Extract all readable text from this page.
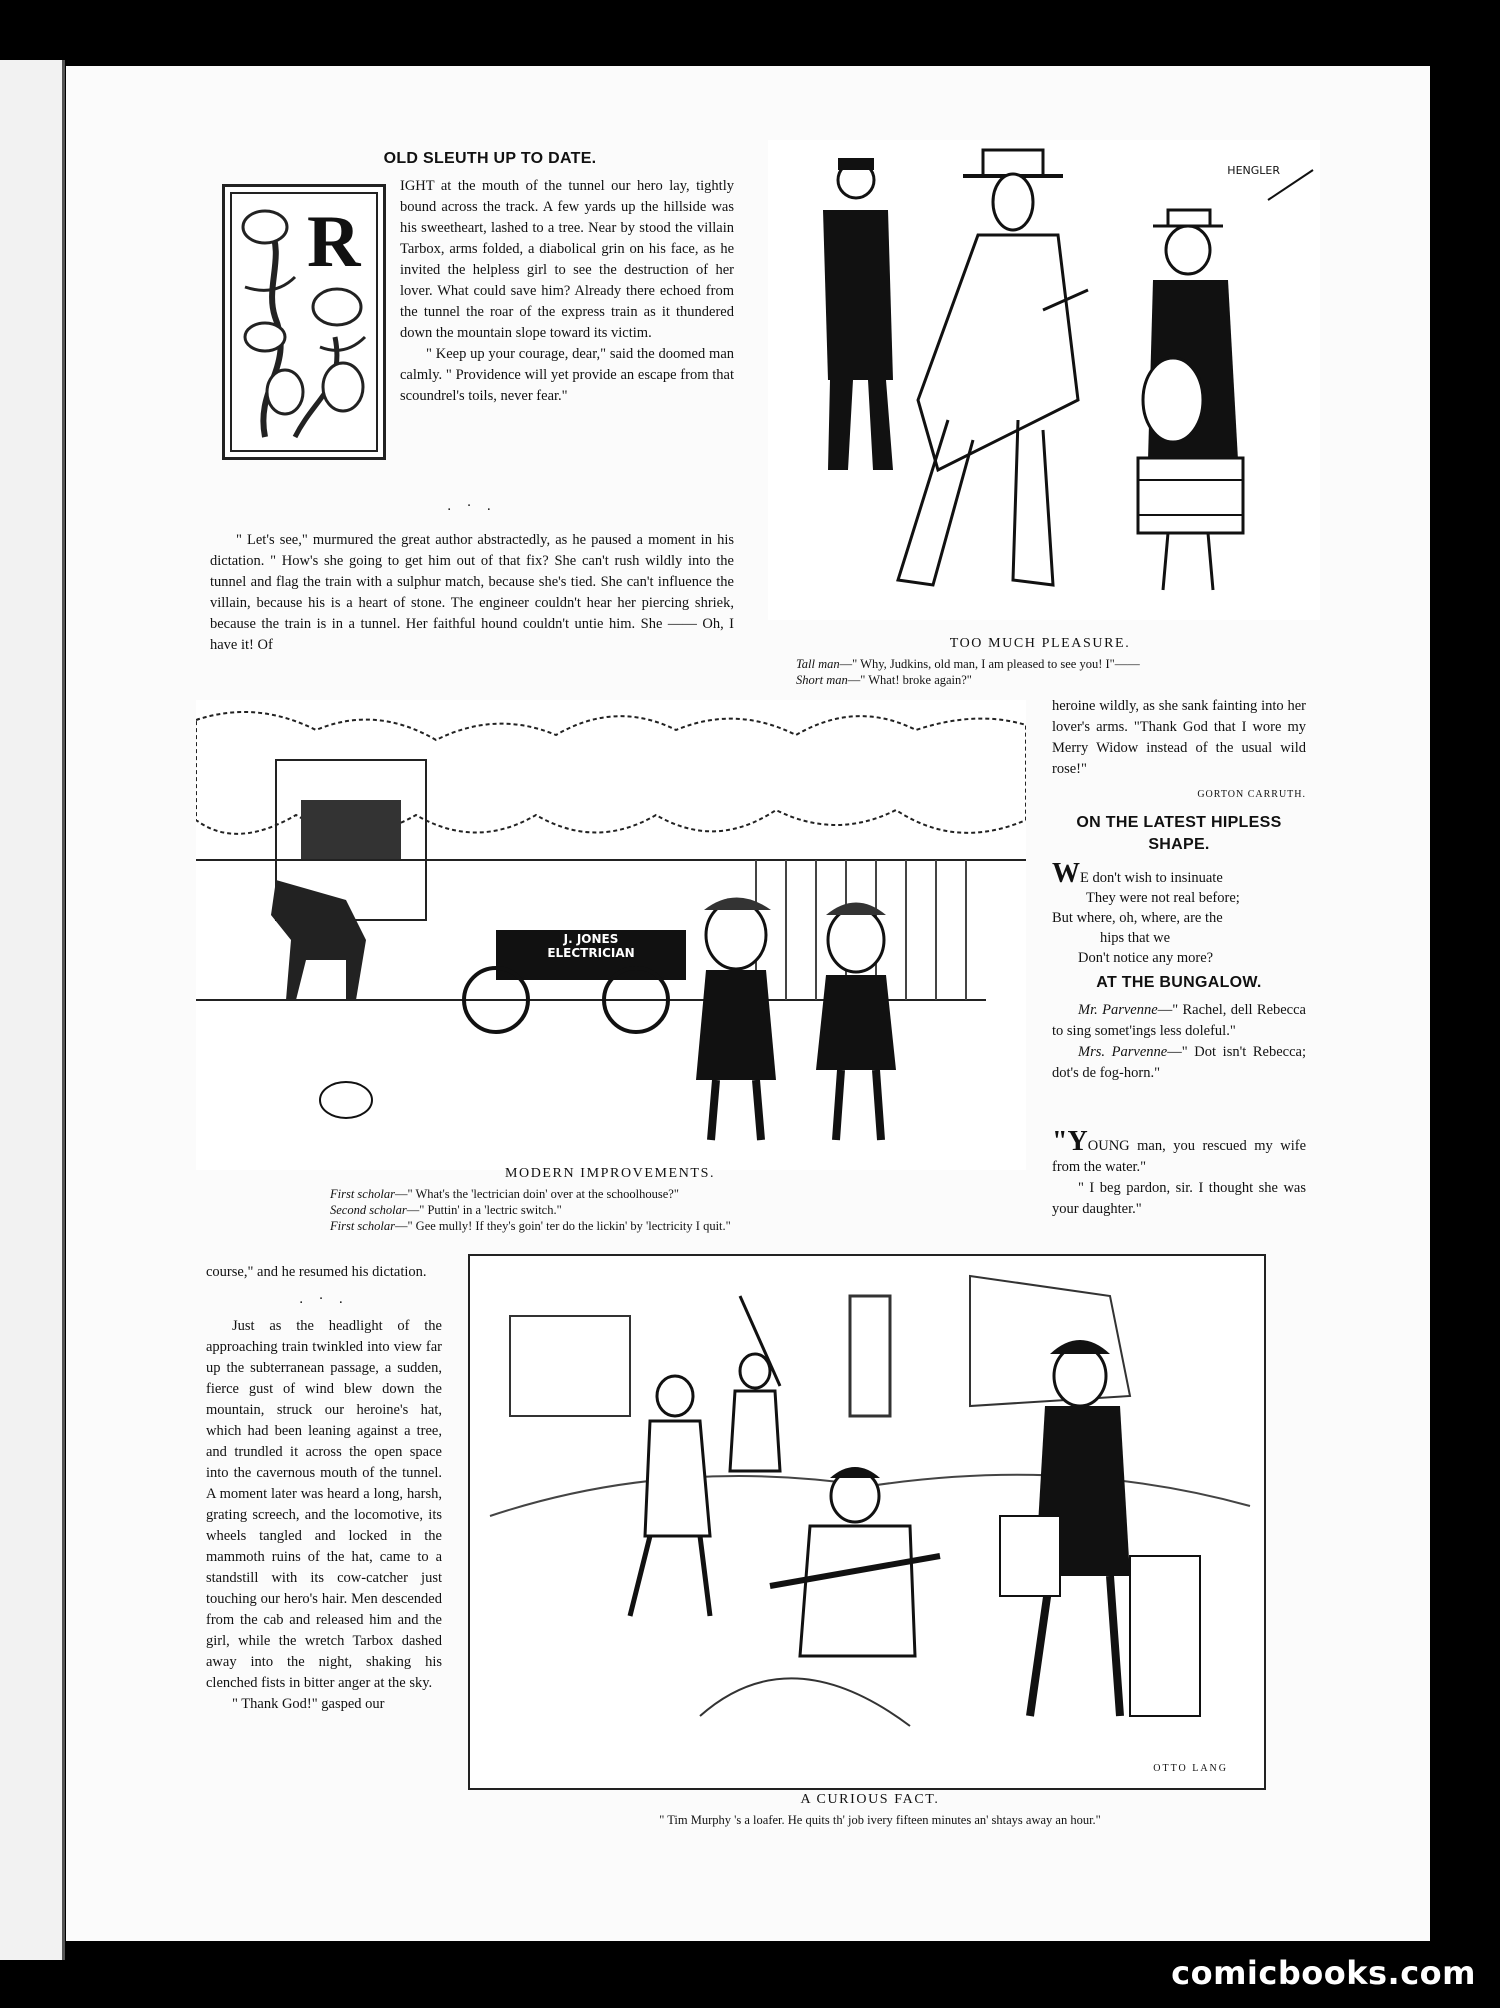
OLD SLEUTH UP TO DATE.
R

IGHT at the mouth of the tunnel our hero lay, tightly bound across the track. A few yards up the hillside was his sweetheart, lashed to a tree. Near by stood the villain Tarbox, arms folded, a diabolical grin on his face, as he invited the helpless girl to see the destruction of her lover. What could save him? Already there echoed from the tunnel the roar of the express train as it thundered down the mountain slope toward its victim.

" Keep up your courage, dear," said the doomed man calmly. " Providence will yet provide an escape from that scoundrel's toils, never fear."

. · .

" Let's see," murmured the great author abstractedly, as he paused a moment in his dictation. " How's she going to get him out of that fix? She can't rush wildly into the tunnel and flag the train with a sulphur match, because she's tied. She can't influence the villain, because his is a heart of stone. The engineer couldn't hear her piercing shriek, because the train is in a tunnel. Her faithful hound couldn't untie him. She —— Oh, I have it! Of

HENGLER
TOO MUCH PLEASURE.
Tall man—" Why, Judkins, old man, I am pleased to see you! I"——
Short man—" What! broke again?"
J. JONES
ELECTRICIAN
MODERN IMPROVEMENTS.
First scholar—" What's the 'lectrician doin' over at the schoolhouse?"
Second scholar—" Puttin' in a 'lectric switch."
First scholar—" Gee mully! If they's goin' ter do the lickin' by 'lectricity I quit."

heroine wildly, as she sank fainting into her lover's arms. "Thank God that I wore my Merry Widow instead of the usual wild rose!"

GORTON CARRUTH.
ON THE LATEST HIPLESS
SHAPE.
WE don't wish to insinuate
They were not real before;
But where, oh, where, are the
hips that we
Don't notice any more?
AT THE BUNGALOW.

Mr. Parvenne—" Rachel, dell Rebecca to sing somet'ings less doleful."

Mrs. Parvenne—" Dot isn't Rebecca; dot's de fog-horn."

"YOUNG man, you rescued my wife from the water."

" I beg pardon, sir. I thought she was your daughter."

course," and he resumed his dictation.

. · .

Just as the headlight of the approaching train twinkled into view far up the subterranean passage, a sudden, fierce gust of wind blew down the mountain, struck our heroine's hat, which had been leaning against a tree, and trundled it across the open space into the cavernous mouth of the tunnel. A moment later was heard a long, harsh, grating screech, and the locomotive, its wheels tangled and locked in the mammoth ruins of the hat, came to a standstill with its cow-catcher just touching our hero's hair. Men descended from the cab and released him and the girl, while the wretch Tarbox dashed away into the night, shaking his clenched fists in bitter anger at the sky.

" Thank God!" gasped our

OTTO LANG
A CURIOUS FACT.
" Tim Murphy 's a loafer. He quits th' job ivery fifteen minutes an' shtays away an hour."
comicbooks.com
